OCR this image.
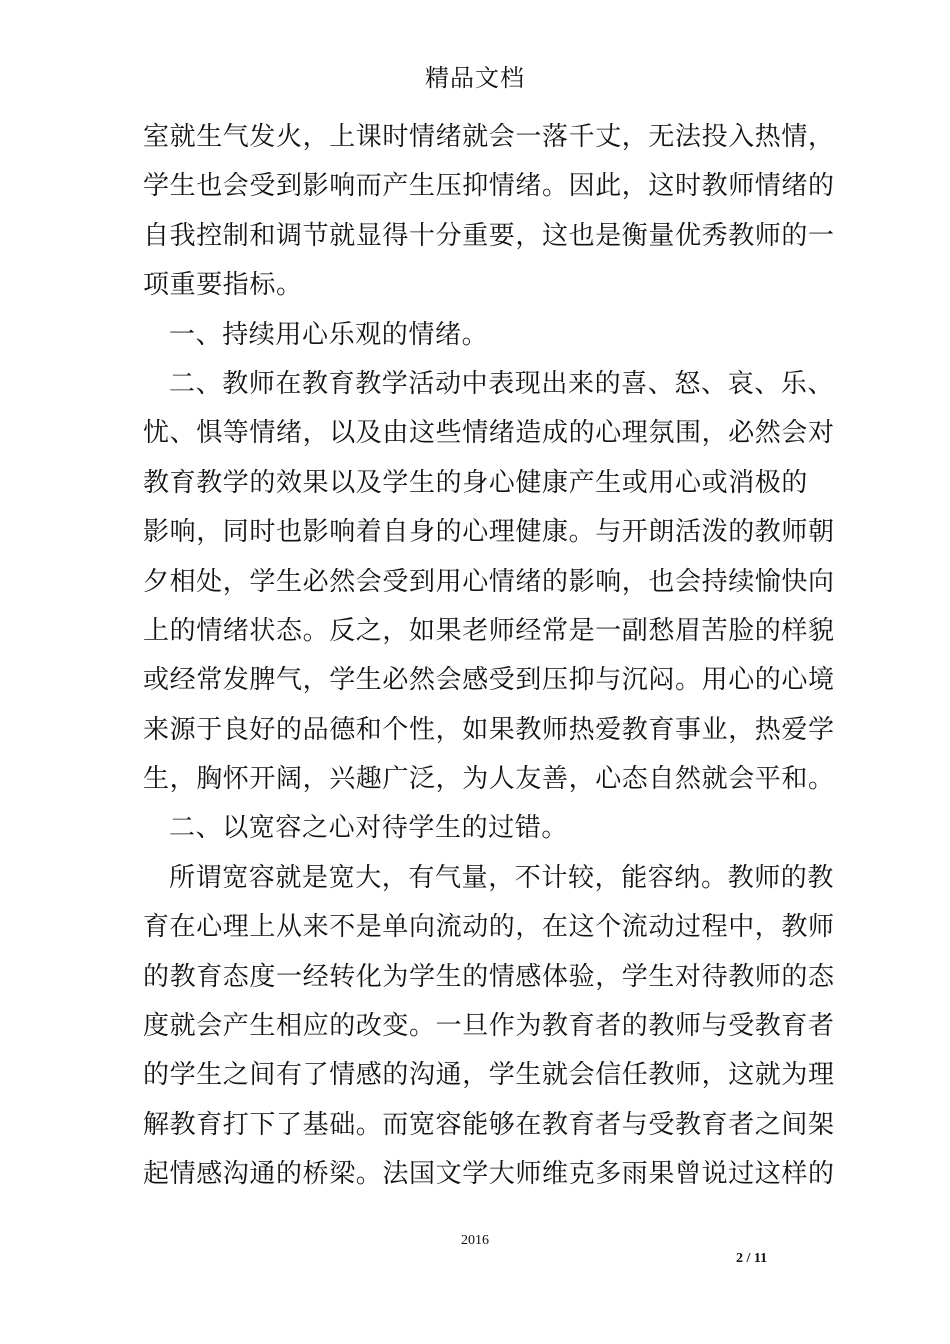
精品文档
室就生气发火，上课时情绪就会一落千丈，无法投入热情，
学生也会受到影响而产生压抑情绪。因此，这时教师情绪的
自我控制和调节就显得十分重要，这也是衡量优秀教师的一
项重要指标。
一、持续用心乐观的情绪。
二、教师在教育教学活动中表现出来的喜、怒、哀、乐、
忧、惧等情绪，以及由这些情绪造成的心理氛围，必然会对
教育教学的效果以及学生的身心健康产生或用心或消极的
影响，同时也影响着自身的心理健康。与开朗活泼的教师朝
夕相处，学生必然会受到用心情绪的影响，也会持续愉快向
上的情绪状态。反之，如果老师经常是一副愁眉苦脸的样貌
或经常发脾气，学生必然会感受到压抑与沉闷。用心的心境
来源于良好的品德和个性，如果教师热爱教育事业，热爱学
生，胸怀开阔，兴趣广泛，为人友善，心态自然就会平和。
二、以宽容之心对待学生的过错。
所谓宽容就是宽大，有气量，不计较，能容纳。教师的教
育在心理上从来不是单向流动的，在这个流动过程中，教师
的教育态度一经转化为学生的情感体验，学生对待教师的态
度就会产生相应的改变。一旦作为教育者的教师与受教育者
的学生之间有了情感的沟通，学生就会信任教师，这就为理
解教育打下了基础。而宽容能够在教育者与受教育者之间架
起情感沟通的桥梁。法国文学大师维克多雨果曾说过这样的
2016
2 / 11
